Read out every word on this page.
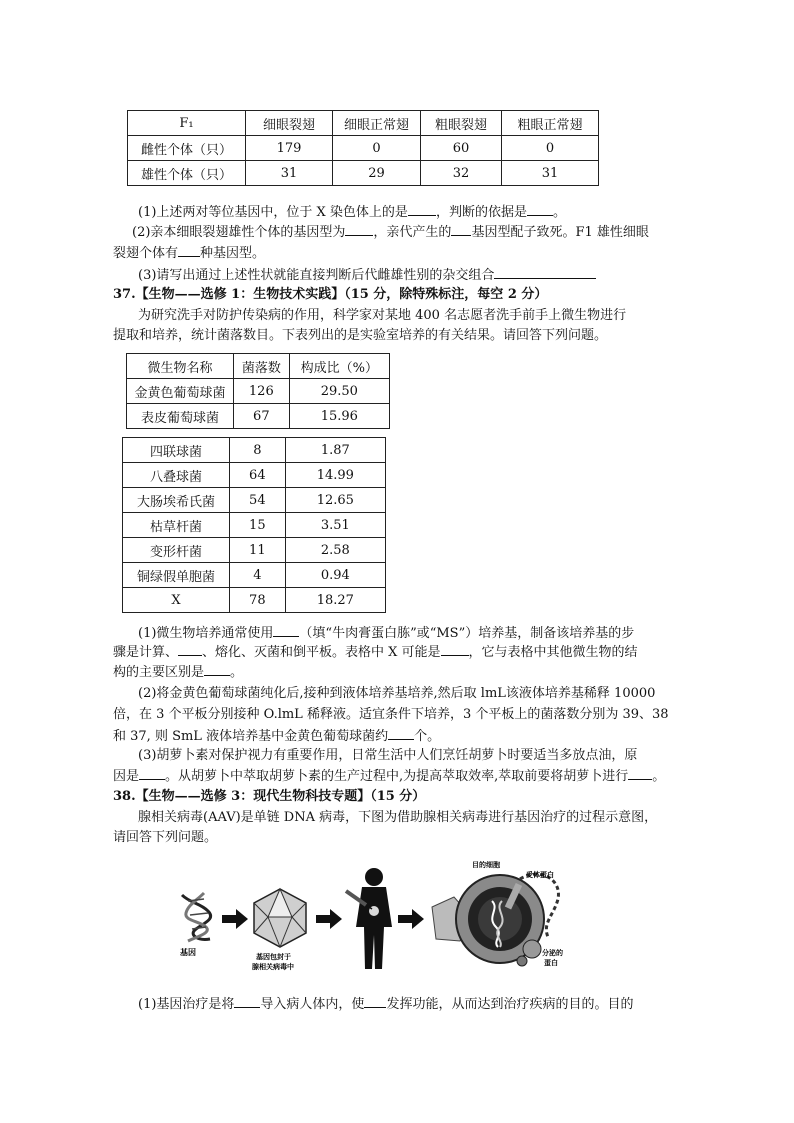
F₁	细眼裂翅	细眼正常翅	粗眼裂翅	粗眼正常翅
雌性个体（只）	179	0	60	0
雄性个体（只）	31	29	32	31
(1)上述两对等位基因中，位于 X 染色体上的是 ，判断的依据是 。
(2)亲本细眼裂翅雄性个体的基因型为 ，亲代产生的 基因型配子致死。F1 雄性细眼
裂翅个体有 种基因型。
(3)请写出通过上述性状就能直接判断后代雌雄性别的杂交组合
37.【生物——选修 1：生物技术实践】（15 分，除特殊标注，每空 2 分）
为研究洗手对防护传染病的作用，科学家对某地 400 名志愿者洗手前手上微生物进行
提取和培养，统计菌落数目。下表列出的是实验室培养的有关结果。请回答下列问题。
微生物名称	菌落数	构成比（%）
金黄色葡萄球菌	126	29.50
表皮葡萄球菌	67	15.96
四联球菌	8	1.87
八叠球菌	64	14.99
大肠埃希氏菌	54	12.65
枯草杆菌	15	3.51
变形杆菌	11	2.58
铜绿假单胞菌	4	0.94
X	78	18.27
(1)微生物培养通常使用 （填“牛肉膏蛋白胨”或“MS”）培养基，制备该培养基的步
骤是计算、 、熔化、灭菌和倒平板。表格中 X 可能是 ，它与表格中其他微生物的结
构的主要区别是 。
(2)将金黄色葡萄球菌纯化后,接种到液体培养基培养,然后取 lmL该液体培养基稀释 10000
倍，在 3 个平板分别接种 O.lmL 稀释液。适宜条件下培养，3 个平板上的菌落数分别为 39、38
和 37, 则 SmL 液体培养基中金黄色葡萄球菌约 个。
(3)胡萝卜素对保护视力有重要作用，日常生活中人们烹饪胡萝卜时要适当多放点油，原
因是 。从胡萝卜中萃取胡萝卜素的生产过程中,为提高萃取效率,萃取前要将胡萝卜进行 。
38.【生物——选修 3：现代生物科技专题】（15 分）
腺相关病毒(AAV)是单链 DNA 病毒，下图为借助腺相关病毒进行基因治疗的过程示意图，
请回答下列问题。
基因	基因包封于
腺相关病毒中
目的细胞
受体蛋白
分泌的
蛋白
(1)基因治疗是将 导入病人体内，使 发挥功能，从而达到治疗疾病的目的。目的
